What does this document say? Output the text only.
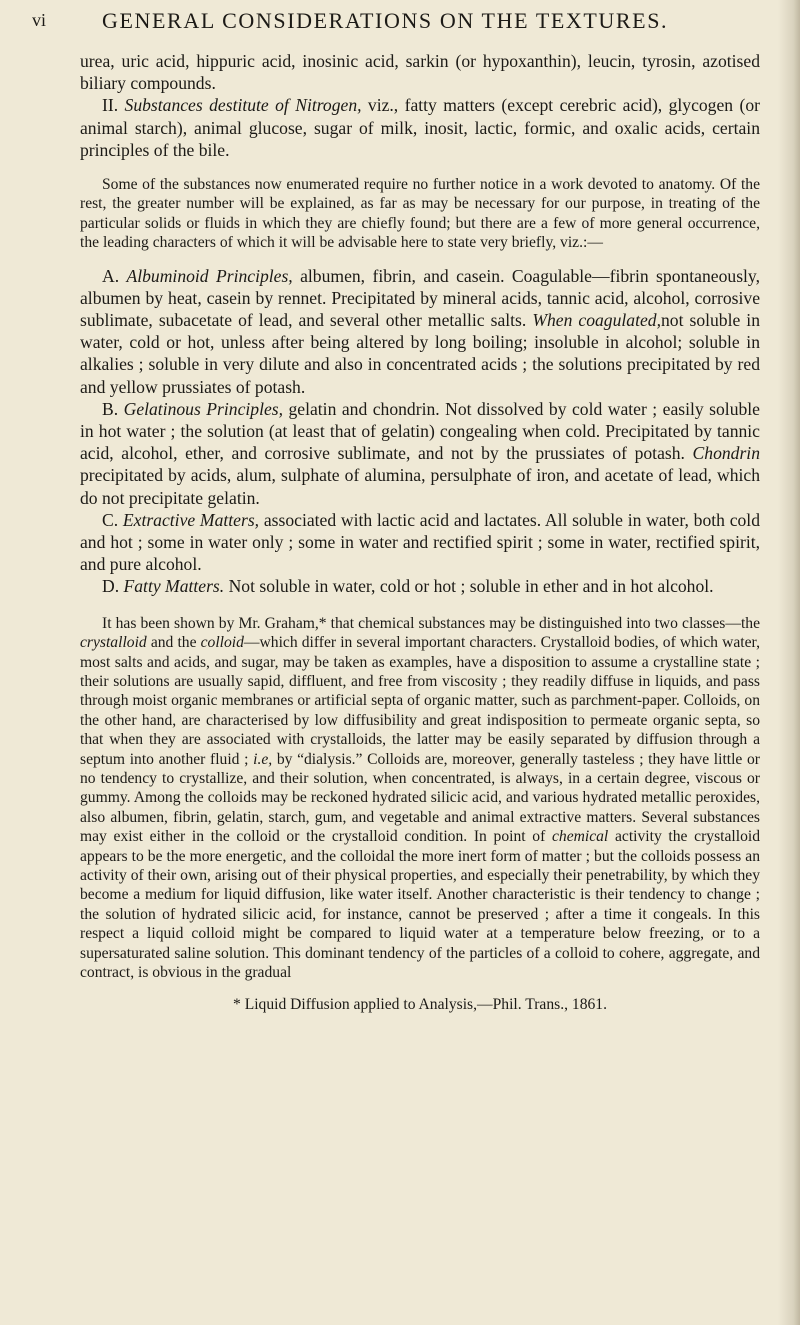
vi	GENERAL CONSIDERATIONS ON THE TEXTURES.

urea, uric acid, hippuric acid, inosinic acid, sarkin (or hypoxanthin), leucin, tyrosin, azotised biliary compounds.

II. Substances destitute of Nitrogen, viz., fatty matters (except cerebric acid), glycogen (or animal starch), animal glucose, sugar of milk, inosit, lactic, formic, and oxalic acids, certain principles of the bile.

Some of the substances now enumerated require no further notice in a work devoted to anatomy. Of the rest, the greater number will be explained, as far as may be necessary for our purpose, in treating of the particular solids or fluids in which they are chiefly found; but there are a few of more general occurrence, the leading characters of which it will be advisable here to state very briefly, viz.:—

A. Albuminoid Principles, albumen, fibrin, and casein. Coagulable—fibrin spontaneously, albumen by heat, casein by rennet. Precipitated by mineral acids, tannic acid, alcohol, corrosive sublimate, subacetate of lead, and several other metallic salts. When coagulated,not soluble in water, cold or hot, unless after being altered by long boiling; insoluble in alcohol; soluble in alkalies ; soluble in very dilute and also in concentrated acids ; the solutions precipitated by red and yellow prussiates of potash.

B. Gelatinous Principles, gelatin and chondrin. Not dissolved by cold water ; easily soluble in hot water ; the solution (at least that of gelatin) congealing when cold. Precipitated by tannic acid, alcohol, ether, and corrosive sublimate, and not by the prussiates of potash. Chondrin precipitated by acids, alum, sulphate of alumina, persulphate of iron, and acetate of lead, which do not precipitate gelatin.

C. Extractive Matters, associated with lactic acid and lactates. All soluble in water, both cold and hot ; some in water only ; some in water and rectified spirit ; some in water, rectified spirit, and pure alcohol.

D. Fatty Matters. Not soluble in water, cold or hot ; soluble in ether and in hot alcohol.

It has been shown by Mr. Graham,* that chemical substances may be distinguished into two classes—the crystalloid and the colloid—which differ in several important characters. Crystalloid bodies, of which water, most salts and acids, and sugar, may be taken as examples, have a disposition to assume a crystalline state ; their solutions are usually sapid, diffluent, and free from viscosity ; they readily diffuse in liquids, and pass through moist organic membranes or artificial septa of organic matter, such as parchment-paper. Colloids, on the other hand, are characterised by low diffusibility and great indisposition to permeate organic septa, so that when they are associated with crystalloids, the latter may be easily separated by diffusion through a septum into another fluid ; i.e, by “dialysis.” Colloids are, moreover, generally tasteless ; they have little or no tendency to crystallize, and their solution, when concentrated, is always, in a certain degree, viscous or gummy. Among the colloids may be reckoned hydrated silicic acid, and various hydrated metallic peroxides, also albumen, fibrin, gelatin, starch, gum, and vegetable and animal extractive matters. Several substances may exist either in the colloid or the crystalloid condition. In point of chemical activity the crystalloid appears to be the more energetic, and the colloidal the more inert form of matter ; but the colloids possess an activity of their own, arising out of their physical properties, and especially their penetrability, by which they become a medium for liquid diffusion, like water itself. Another characteristic is their tendency to change ; the solution of hydrated silicic acid, for instance, cannot be preserved ; after a time it congeals. In this respect a liquid colloid might be compared to liquid water at a temperature below freezing, or to a supersaturated saline solution. This dominant tendency of the particles of a colloid to cohere, aggregate, and contract, is obvious in the gradual

* Liquid Diffusion applied to Analysis,—Phil. Trans., 1861.
